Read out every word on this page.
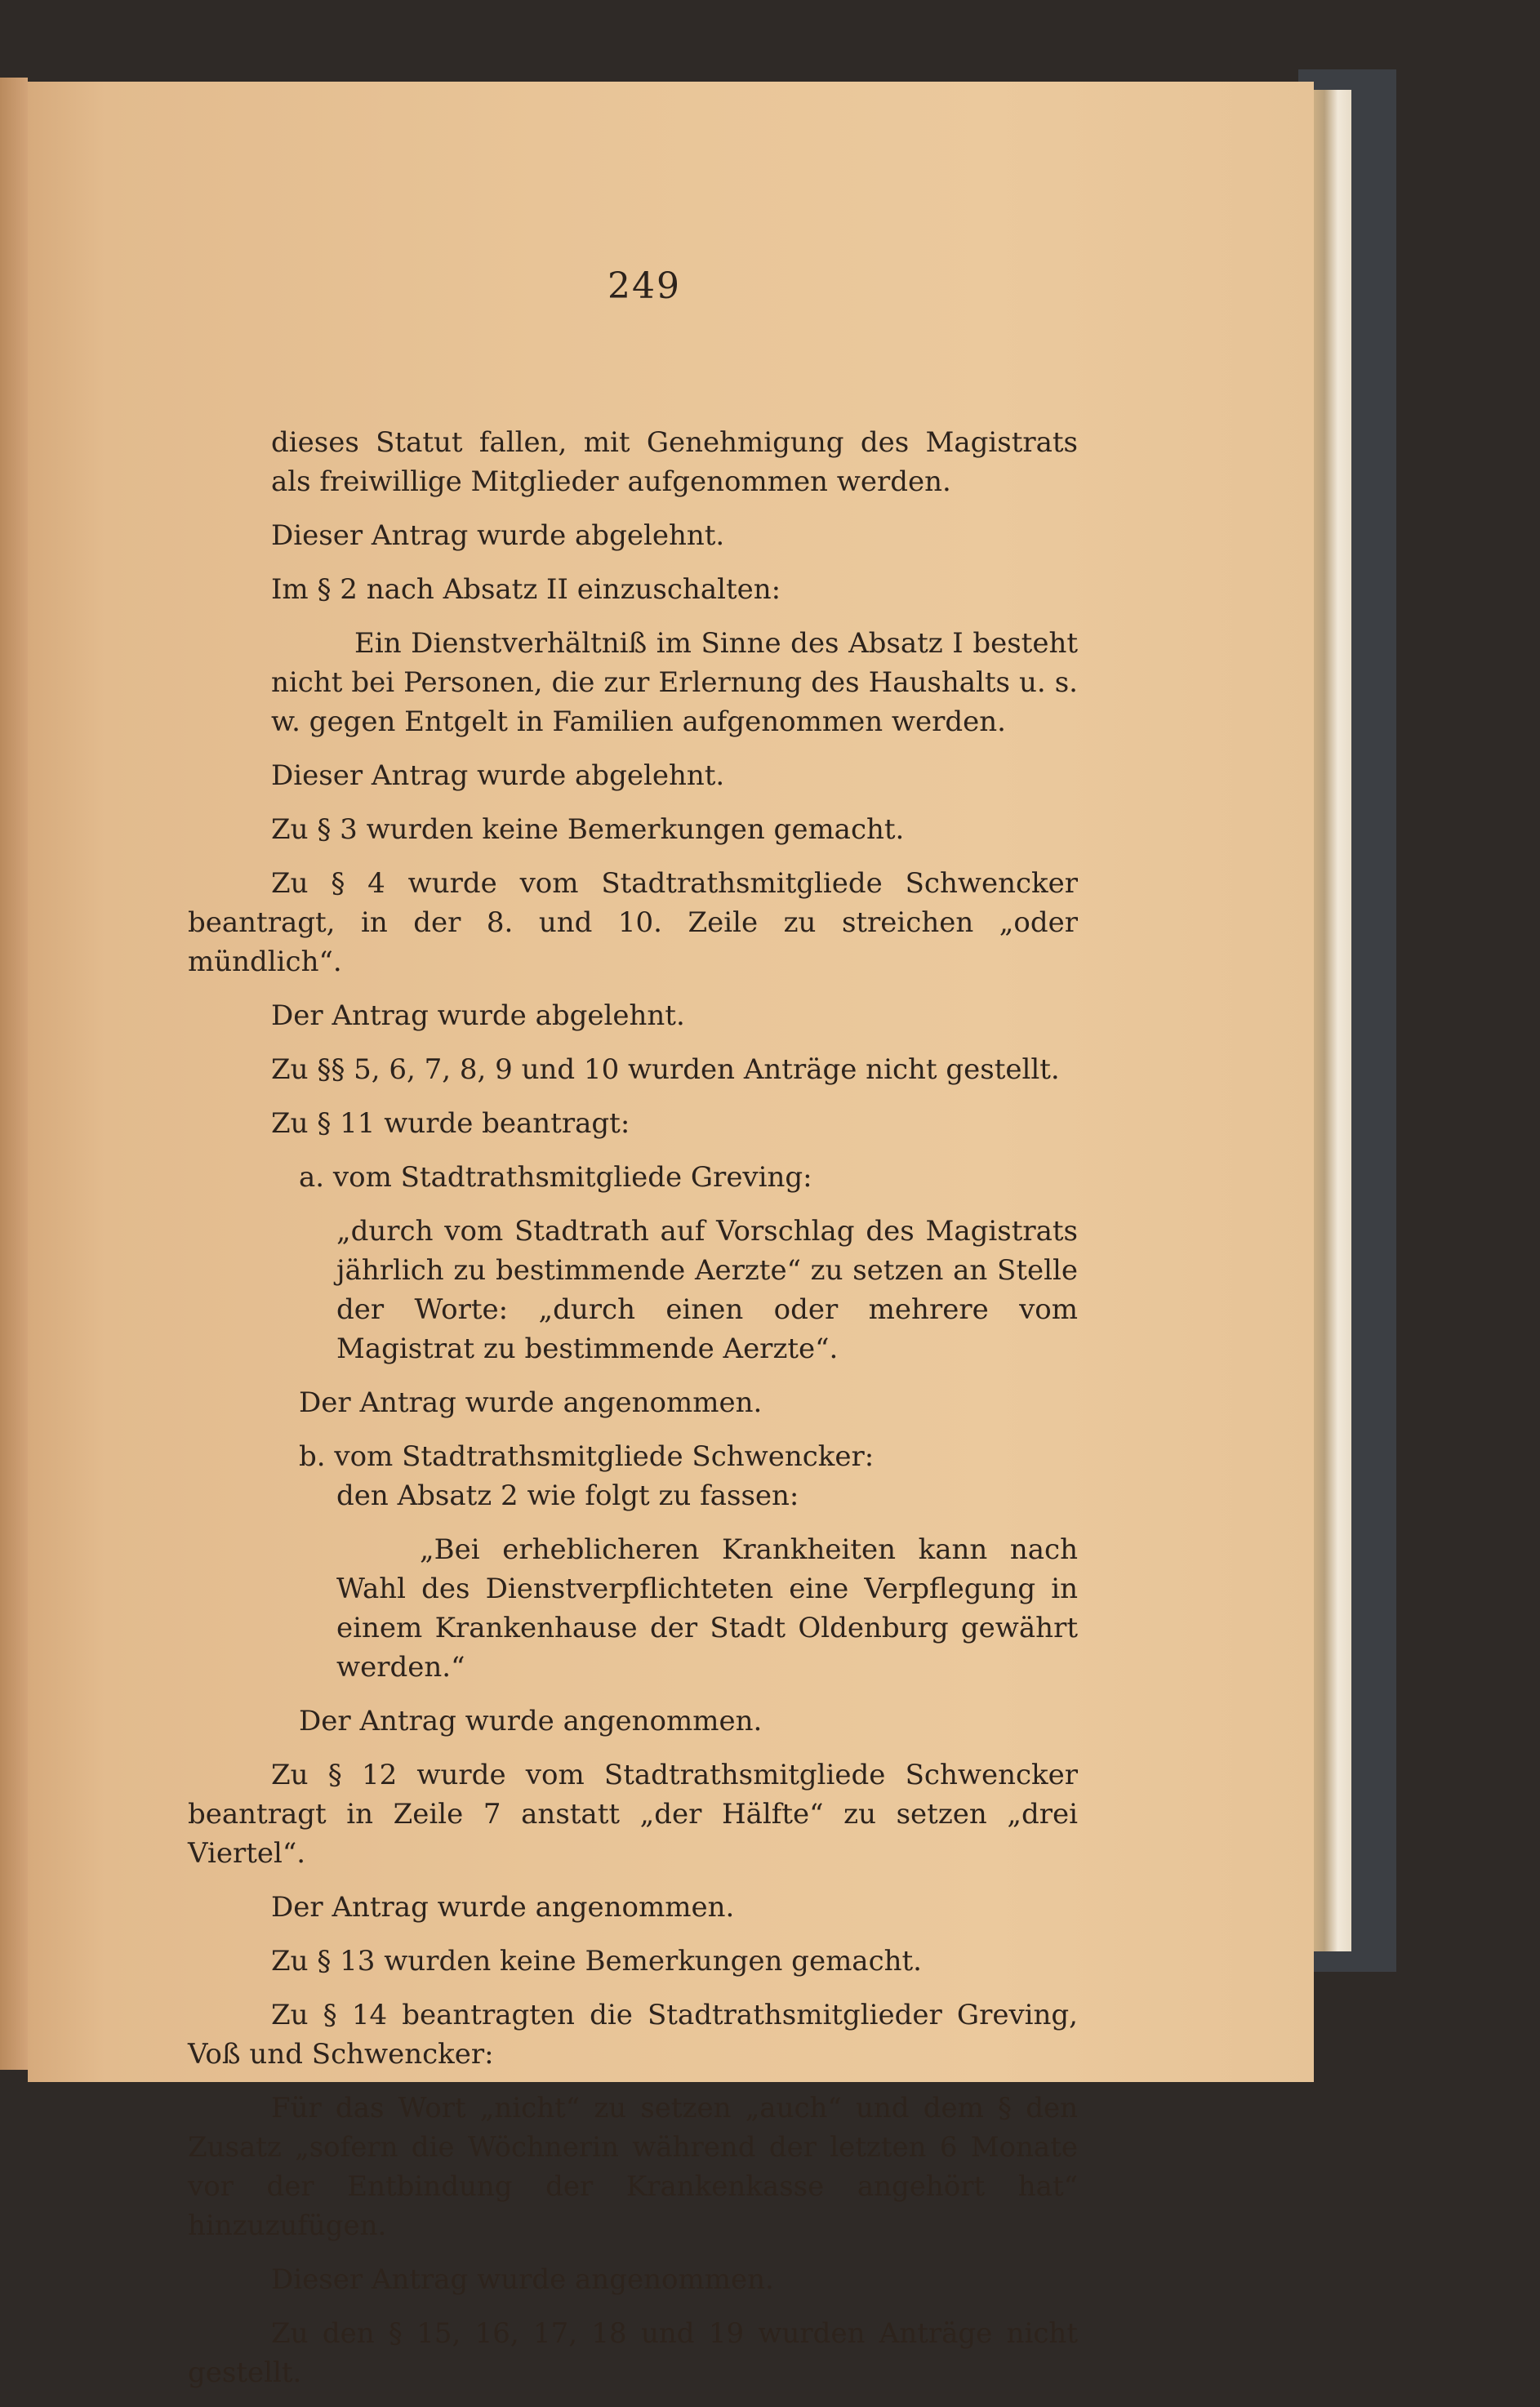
249

dieses Statut fallen, mit Genehmigung des Magistrats als freiwillige Mitglieder aufgenommen werden.

Dieser Antrag wurde abgelehnt.

Im § 2 nach Absatz II einzuschalten:

Ein Dienstverhältniß im Sinne des Absatz I besteht nicht bei Personen, die zur Erlernung des Haushalts u. s. w. gegen Entgelt in Familien aufgenommen werden.

Dieser Antrag wurde abgelehnt.

Zu § 3 wurden keine Bemerkungen gemacht.

Zu § 4 wurde vom Stadtrathsmitgliede Schwencker beantragt, in der 8. und 10. Zeile zu streichen „oder mündlich“.

Der Antrag wurde abgelehnt.

Zu §§ 5, 6, 7, 8, 9 und 10 wurden Anträge nicht gestellt.

Zu § 11 wurde beantragt:

a. vom Stadtrathsmitgliede Greving:

„durch vom Stadtrath auf Vorschlag des Magistrats jährlich zu bestimmende Aerzte“ zu setzen an Stelle der Worte: „durch einen oder mehrere vom Magistrat zu bestimmende Aerzte“.

Der Antrag wurde angenommen.

b. vom Stadtrathsmitgliede Schwencker:

den Absatz 2 wie folgt zu fassen:

„Bei erheblicheren Krankheiten kann nach Wahl des Dienstverpflichteten eine Verpflegung in einem Krankenhause der Stadt Oldenburg gewährt werden.“

Der Antrag wurde angenommen.

Zu § 12 wurde vom Stadtrathsmitgliede Schwencker beantragt in Zeile 7 anstatt „der Hälfte“ zu setzen „drei Viertel“.

Der Antrag wurde angenommen.

Zu § 13 wurden keine Bemerkungen gemacht.

Zu § 14 beantragten die Stadtrathsmitglieder Greving, Voß und Schwencker:

Für das Wort „nicht“ zu setzen „auch“ und dem § den Zusatz „sofern die Wöchnerin während der letzten 6 Monate vor der Entbindung der Krankenkasse angehört hat“ hinzuzufügen.

Dieser Antrag wurde angenommen.

Zu den § 15, 16, 17, 18 und 19 wurden Anträge nicht gestellt.
